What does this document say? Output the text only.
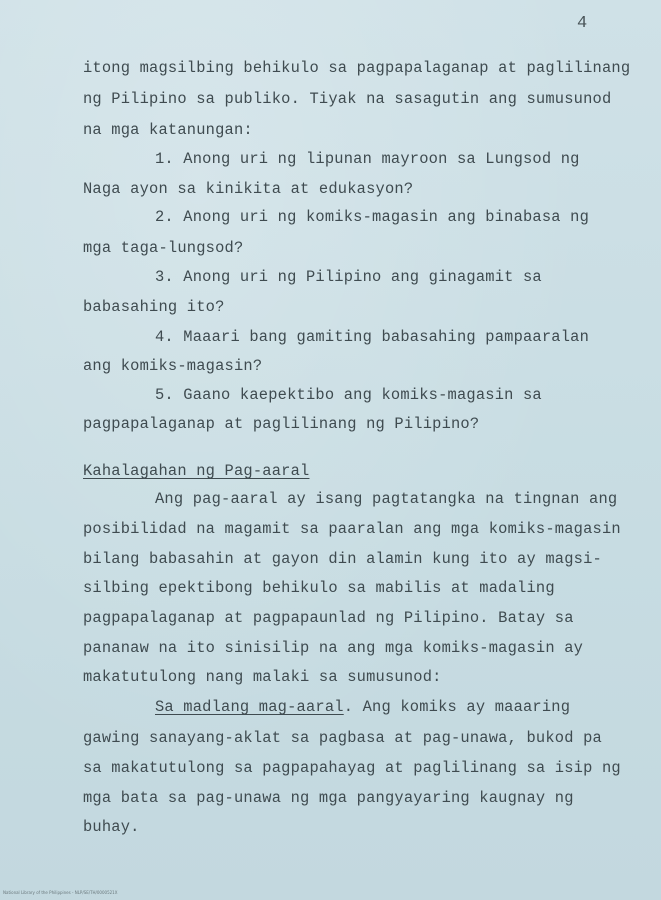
4
itong magsilbing behikulo sa pagpapalaganap at paglilinang
ng Pilipino sa publiko. Tiyak na sasagutin ang sumusunod
na mga katanungan:
1. Anong uri ng lipunan mayroon sa Lungsod ng
Naga ayon sa kinikita at edukasyon?
2. Anong uri ng komiks-magasin ang binabasa ng
mga taga-lungsod?
3. Anong uri ng Pilipino ang ginagamit sa
babasahing ito?
4. Maaari bang gamiting babasahing pampaaralan
ang komiks-magasin?
5. Gaano kaepektibo ang komiks-magasin sa
pagpapalaganap at paglilinang ng Pilipino?
Kahalagahan ng Pag-aaral
Ang pag-aaral ay isang pagtatangka na tingnan ang
posibilidad na magamit sa paaralan ang mga komiks-magasin
bilang babasahin at gayon din alamin kung ito ay magsi-
silbing epektibong behikulo sa mabilis at madaling
pagpapalaganap at pagpapaunlad ng Pilipino. Batay sa
pananaw na ito sinisilip na ang mga komiks-magasin ay
makatutulong nang malaki sa sumusunod:
Sa madlang mag-aaral. Ang komiks ay maaaring
gawing sanayang-aklat sa pagbasa at pag-unawa, bukod pa
sa makatutulong sa pagpapahayag at paglilinang sa isip ng
mga bata sa pag-unawa ng mga pangyayaring kaugnay ng
buhay.
National Library of the Philippines - NLP/SE/TH/0000521X
